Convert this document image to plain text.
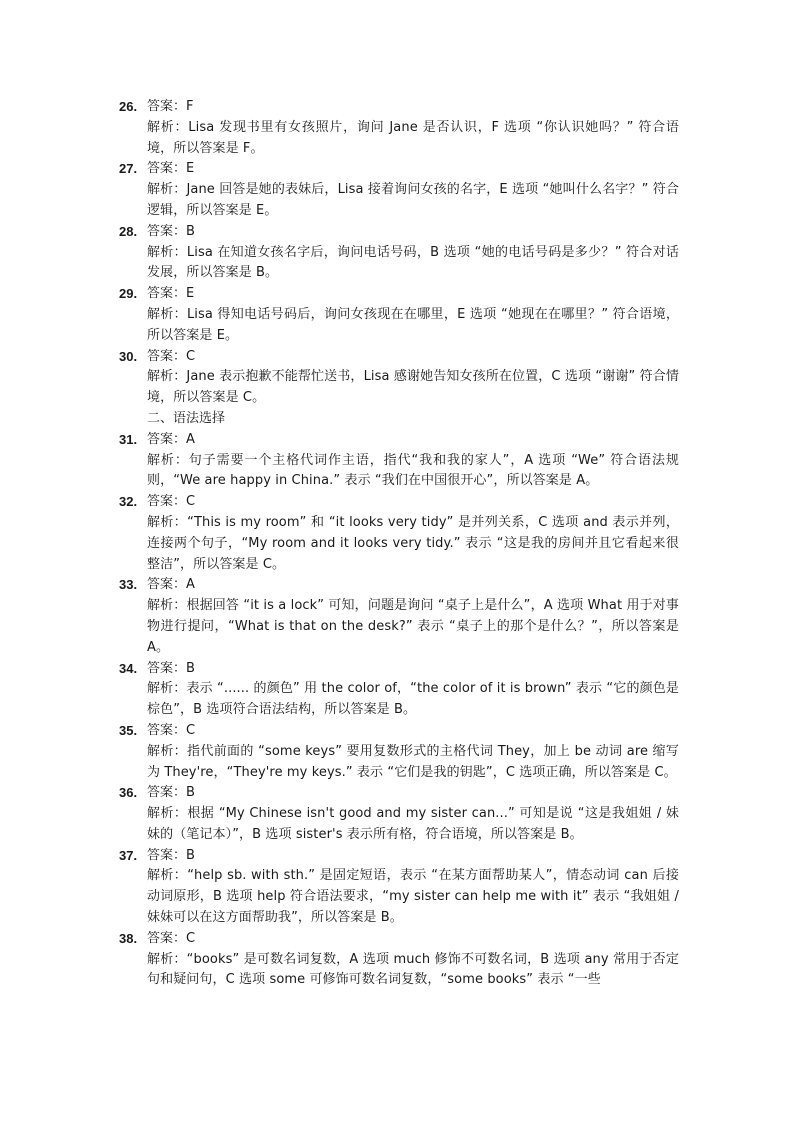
26. 答案：F
解析：Lisa 发现书里有女孩照片，询问 Jane 是否认识，F 选项 “你认识她吗？” 符合语境，所以答案是 F。
27. 答案：E
解析：Jane 回答是她的表妹后，Lisa 接着询问女孩的名字，E 选项 “她叫什么名字？” 符合逻辑，所以答案是 E。
28. 答案：B
解析：Lisa 在知道女孩名字后，询问电话号码，B 选项 “她的电话号码是多少？” 符合对话发展，所以答案是 B。
29. 答案：E
解析：Lisa 得知电话号码后，询问女孩现在在哪里，E 选项 “她现在在哪里？” 符合语境，所以答案是 E。
30. 答案：C
解析：Jane 表示抱歉不能帮忙送书，Lisa 感谢她告知女孩所在位置，C 选项 “谢谢” 符合情境，所以答案是 C。
二、语法选择
31. 答案：A
解析：句子需要一个主格代词作主语，指代“我和我的家人”，A 选项 “We” 符合语法规则，“We are happy in China.” 表示 “我们在中国很开心”，所以答案是 A。
32. 答案：C
解析：“This is my room” 和 “it looks very tidy” 是并列关系，C 选项 and 表示并列，连接两个句子，“My room and it looks very tidy.” 表示 “这是我的房间并且它看起来很整洁”，所以答案是 C。
33. 答案：A
解析：根据回答 “it is a lock” 可知，问题是询问 “桌子上是什么”，A 选项 What 用于对事物进行提问，“What is that on the desk?” 表示 “桌子上的那个是什么？”，所以答案是 A。
34. 答案：B
解析：表示 “...... 的颜色” 用 the color of，“the color of it is brown” 表示 “它的颜色是棕色”，B 选项符合语法结构，所以答案是 B。
35. 答案：C
解析：指代前面的 “some keys” 要用复数形式的主格代词 They，加上 be 动词 are 缩写为 They're，“They're my keys.” 表示 “它们是我的钥匙”，C 选项正确，所以答案是 C。
36. 答案：B
解析：根据 “My Chinese isn't good and my sister can...” 可知是说 “这是我姐姐 / 妹妹的（笔记本）”，B 选项 sister's 表示所有格，符合语境，所以答案是 B。
37. 答案：B
解析：“help sb. with sth.” 是固定短语，表示 “在某方面帮助某人”，情态动词 can 后接动词原形，B 选项 help 符合语法要求，“my sister can help me with it” 表示 “我姐姐 / 妹妹可以在这方面帮助我”，所以答案是 B。
38. 答案：C
解析：“books” 是可数名词复数，A 选项 much 修饰不可数名词，B 选项 any 常用于否定句和疑问句，C 选项 some 可修饰可数名词复数，“some books” 表示 “一些
